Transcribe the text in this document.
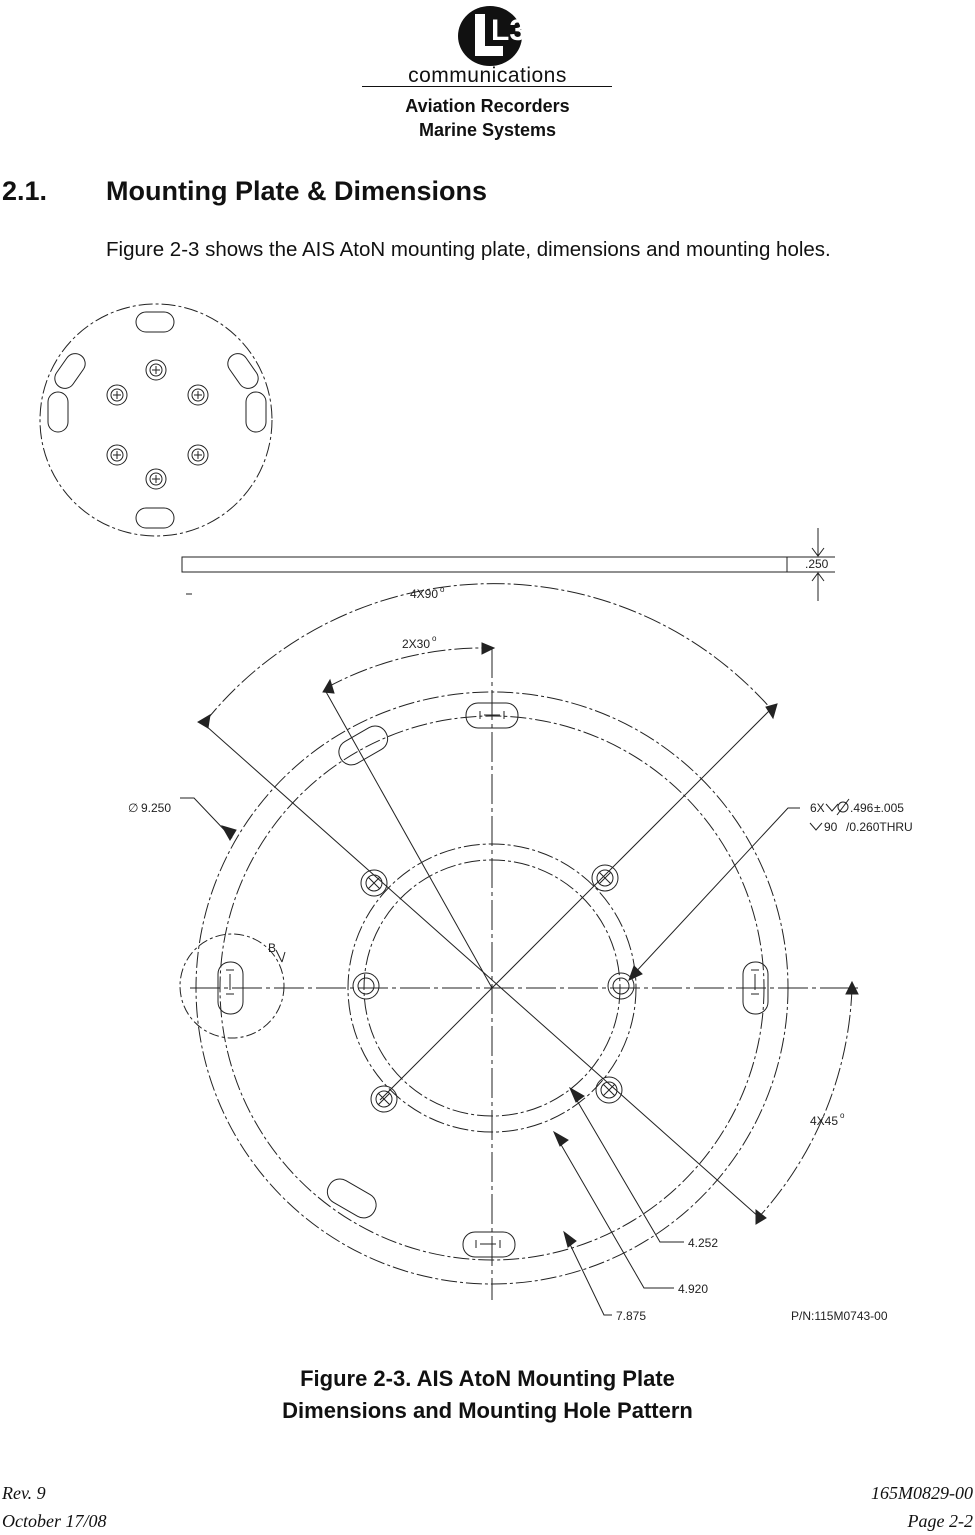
L3
communications
Aviation Recorders
Marine Systems
2.1. Mounting Plate & Dimensions
Figure 2-3 shows the AIS AtoN mounting plate, dimensions and mounting holes.
.250
4X90 o
2X30 o
4X45 o
∅ 9.250	6X .496 ±.005
90 /0.260THRU
B
4.252
4.920
7.875	P/N:115M0743-00
Figure 2-3. AIS AtoN Mounting Plate
Dimensions and Mounting Hole Pattern
Rev. 9
October 17/08
165M0829-00
Page 2-2
